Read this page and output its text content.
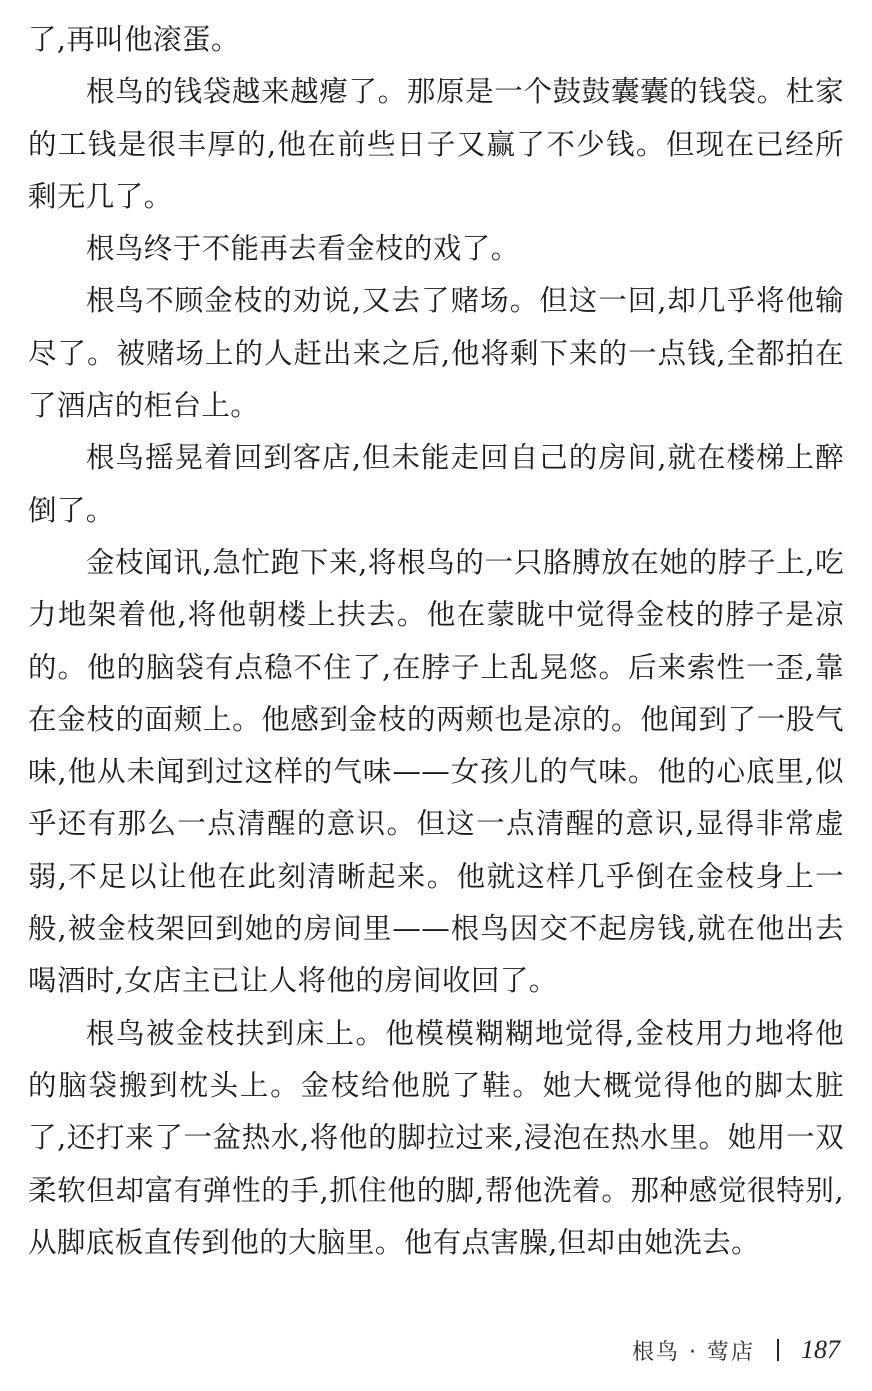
了,再叫他滚蛋。

根鸟的钱袋越来越瘪了。那原是一个鼓鼓囊囊的钱袋。杜家的工钱是很丰厚的,他在前些日子又赢了不少钱。但现在已经所剩无几了。

根鸟终于不能再去看金枝的戏了。

根鸟不顾金枝的劝说,又去了赌场。但这一回,却几乎将他输尽了。被赌场上的人赶出来之后,他将剩下来的一点钱,全都拍在了酒店的柜台上。

根鸟摇晃着回到客店,但未能走回自己的房间,就在楼梯上醉倒了。

金枝闻讯,急忙跑下来,将根鸟的一只胳膊放在她的脖子上,吃力地架着他,将他朝楼上扶去。他在蒙眬中觉得金枝的脖子是凉的。他的脑袋有点稳不住了,在脖子上乱晃悠。后来索性一歪,靠在金枝的面颊上。他感到金枝的两颊也是凉的。他闻到了一股气味,他从未闻到过这样的气味——女孩儿的气味。他的心底里,似乎还有那么一点清醒的意识。但这一点清醒的意识,显得非常虚弱,不足以让他在此刻清晰起来。他就这样几乎倒在金枝身上一般,被金枝架回到她的房间里——根鸟因交不起房钱,就在他出去喝酒时,女店主已让人将他的房间收回了。

根鸟被金枝扶到床上。他模模糊糊地觉得,金枝用力地将他的脑袋搬到枕头上。金枝给他脱了鞋。她大概觉得他的脚太脏了,还打来了一盆热水,将他的脚拉过来,浸泡在热水里。她用一双柔软但却富有弹性的手,抓住他的脚,帮他洗着。那种感觉很特别,从脚底板直传到他的大脑里。他有点害臊,但却由她洗去。

根鸟 · 莺店 187
